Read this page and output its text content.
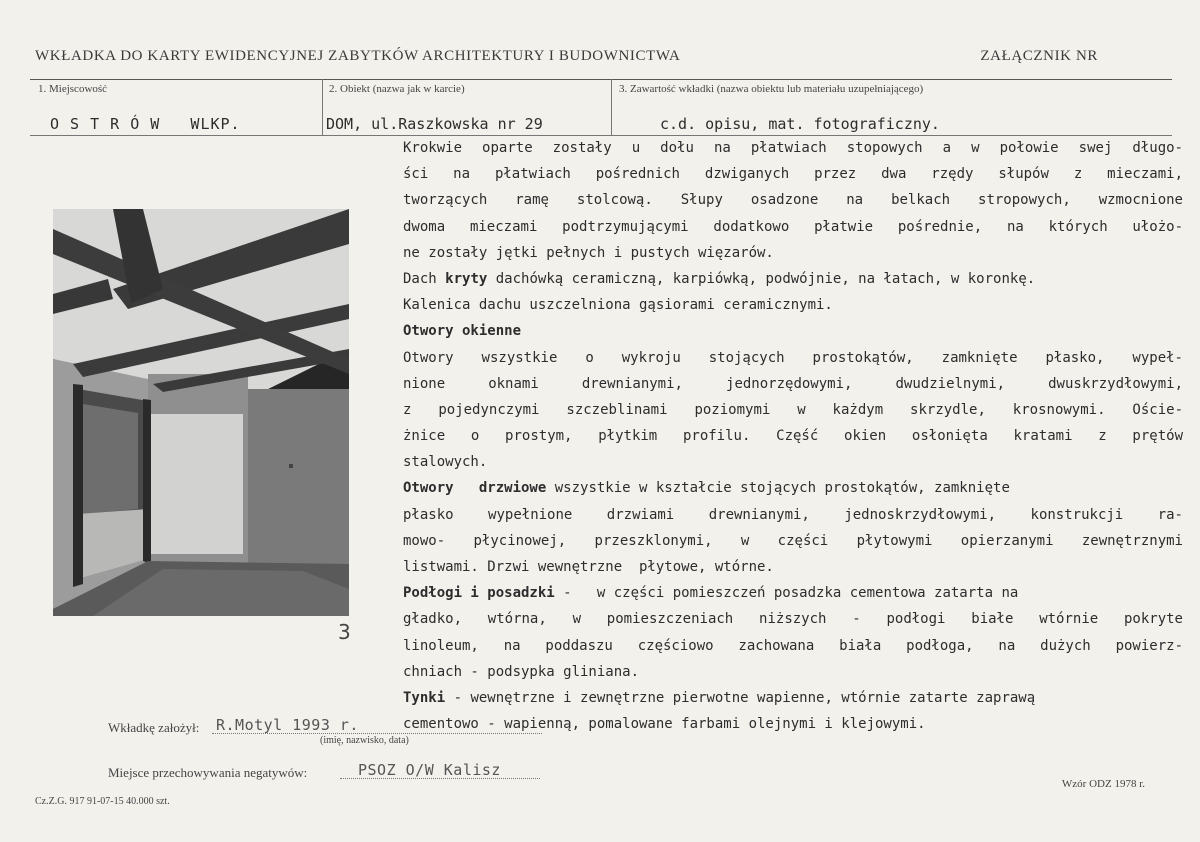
WKŁADKA DO KARTY EWIDENCYJNEJ ZABYTKÓW ARCHITEKTURY I BUDOWNICTWA	ZAŁĄCZNIK NR
1. Miejscowość
O S T R Ó W   WLKP.
2. Obiekt (nazwa jak w karcie)
DOM, ul.Raszkowska nr 29
3. Zawartość wkładki (nazwa obiektu lub materiału uzupełniającego)
c.d. opisu, mat. fotograficzny.
3
Krokwie oparte zostały u dołu na płatwiach stopowych a w połowie swej długo-
ści na płatwiach pośrednich dzwiganych przez dwa rzędy słupów z mieczami,
tworzących ramę stolcową. Słupy osadzone na belkach stropowych, wzmocnione
dwoma mieczami podtrzymującymi dodatkowo płatwie pośrednie, na których ułożo-
ne zostały jętki pełnych i pustych więzarów.
Dach kryty dachówką ceramiczną, karpiówką, podwójnie, na łatach, w koronkę.
Kalenica dachu uszczelniona gąsiorami ceramicznymi.
Otwory okienne
Otwory wszystkie o wykroju stojących prostokątów, zamknięte płasko, wypeł-
nione oknami drewnianymi, jednorzędowymi, dwudzielnymi, dwuskrzydłowymi,
z pojedynczymi szczeblinami poziomymi w każdym skrzydle, krosnowymi. Oście-
żnice o prostym, płytkim profilu. Część okien osłonięta kratami z prętów
stalowych.
Otwory   drzwiowe wszystkie w kształcie stojących prostokątów, zamknięte
płasko wypełnione drzwiami drewnianymi, jednoskrzydłowymi, konstrukcji ra-
mowo- płycinowej, przeszklonymi, w części płytowymi opierzanymi zewnętrznymi
listwami. Drzwi wewnętrzne  płytowe, wtórne.
Podłogi i posadzki -   w części pomieszczeń posadzka cementowa zatarta na
gładko, wtórna, w pomieszczeniach niższych - podłogi białe wtórnie pokryte
linoleum, na poddaszu częściowo zachowana biała podłoga, na dużych powierz-
chniach - podsypka gliniana.
Tynki - wewnętrzne i zewnętrzne pierwotne wapienne, wtórnie zatarte zaprawą
cementowo - wapienną, pomalowane farbami olejnymi i klejowymi.
Wkładkę założył: R.Motyl 1993 r.
(imię, nazwisko, data)
Miejsce przechowywania negatywów:	PSOZ O/W Kalisz
Cz.Z.G. 917 91-07-15 40.000 szt.
Wzór ODZ 1978 r.
